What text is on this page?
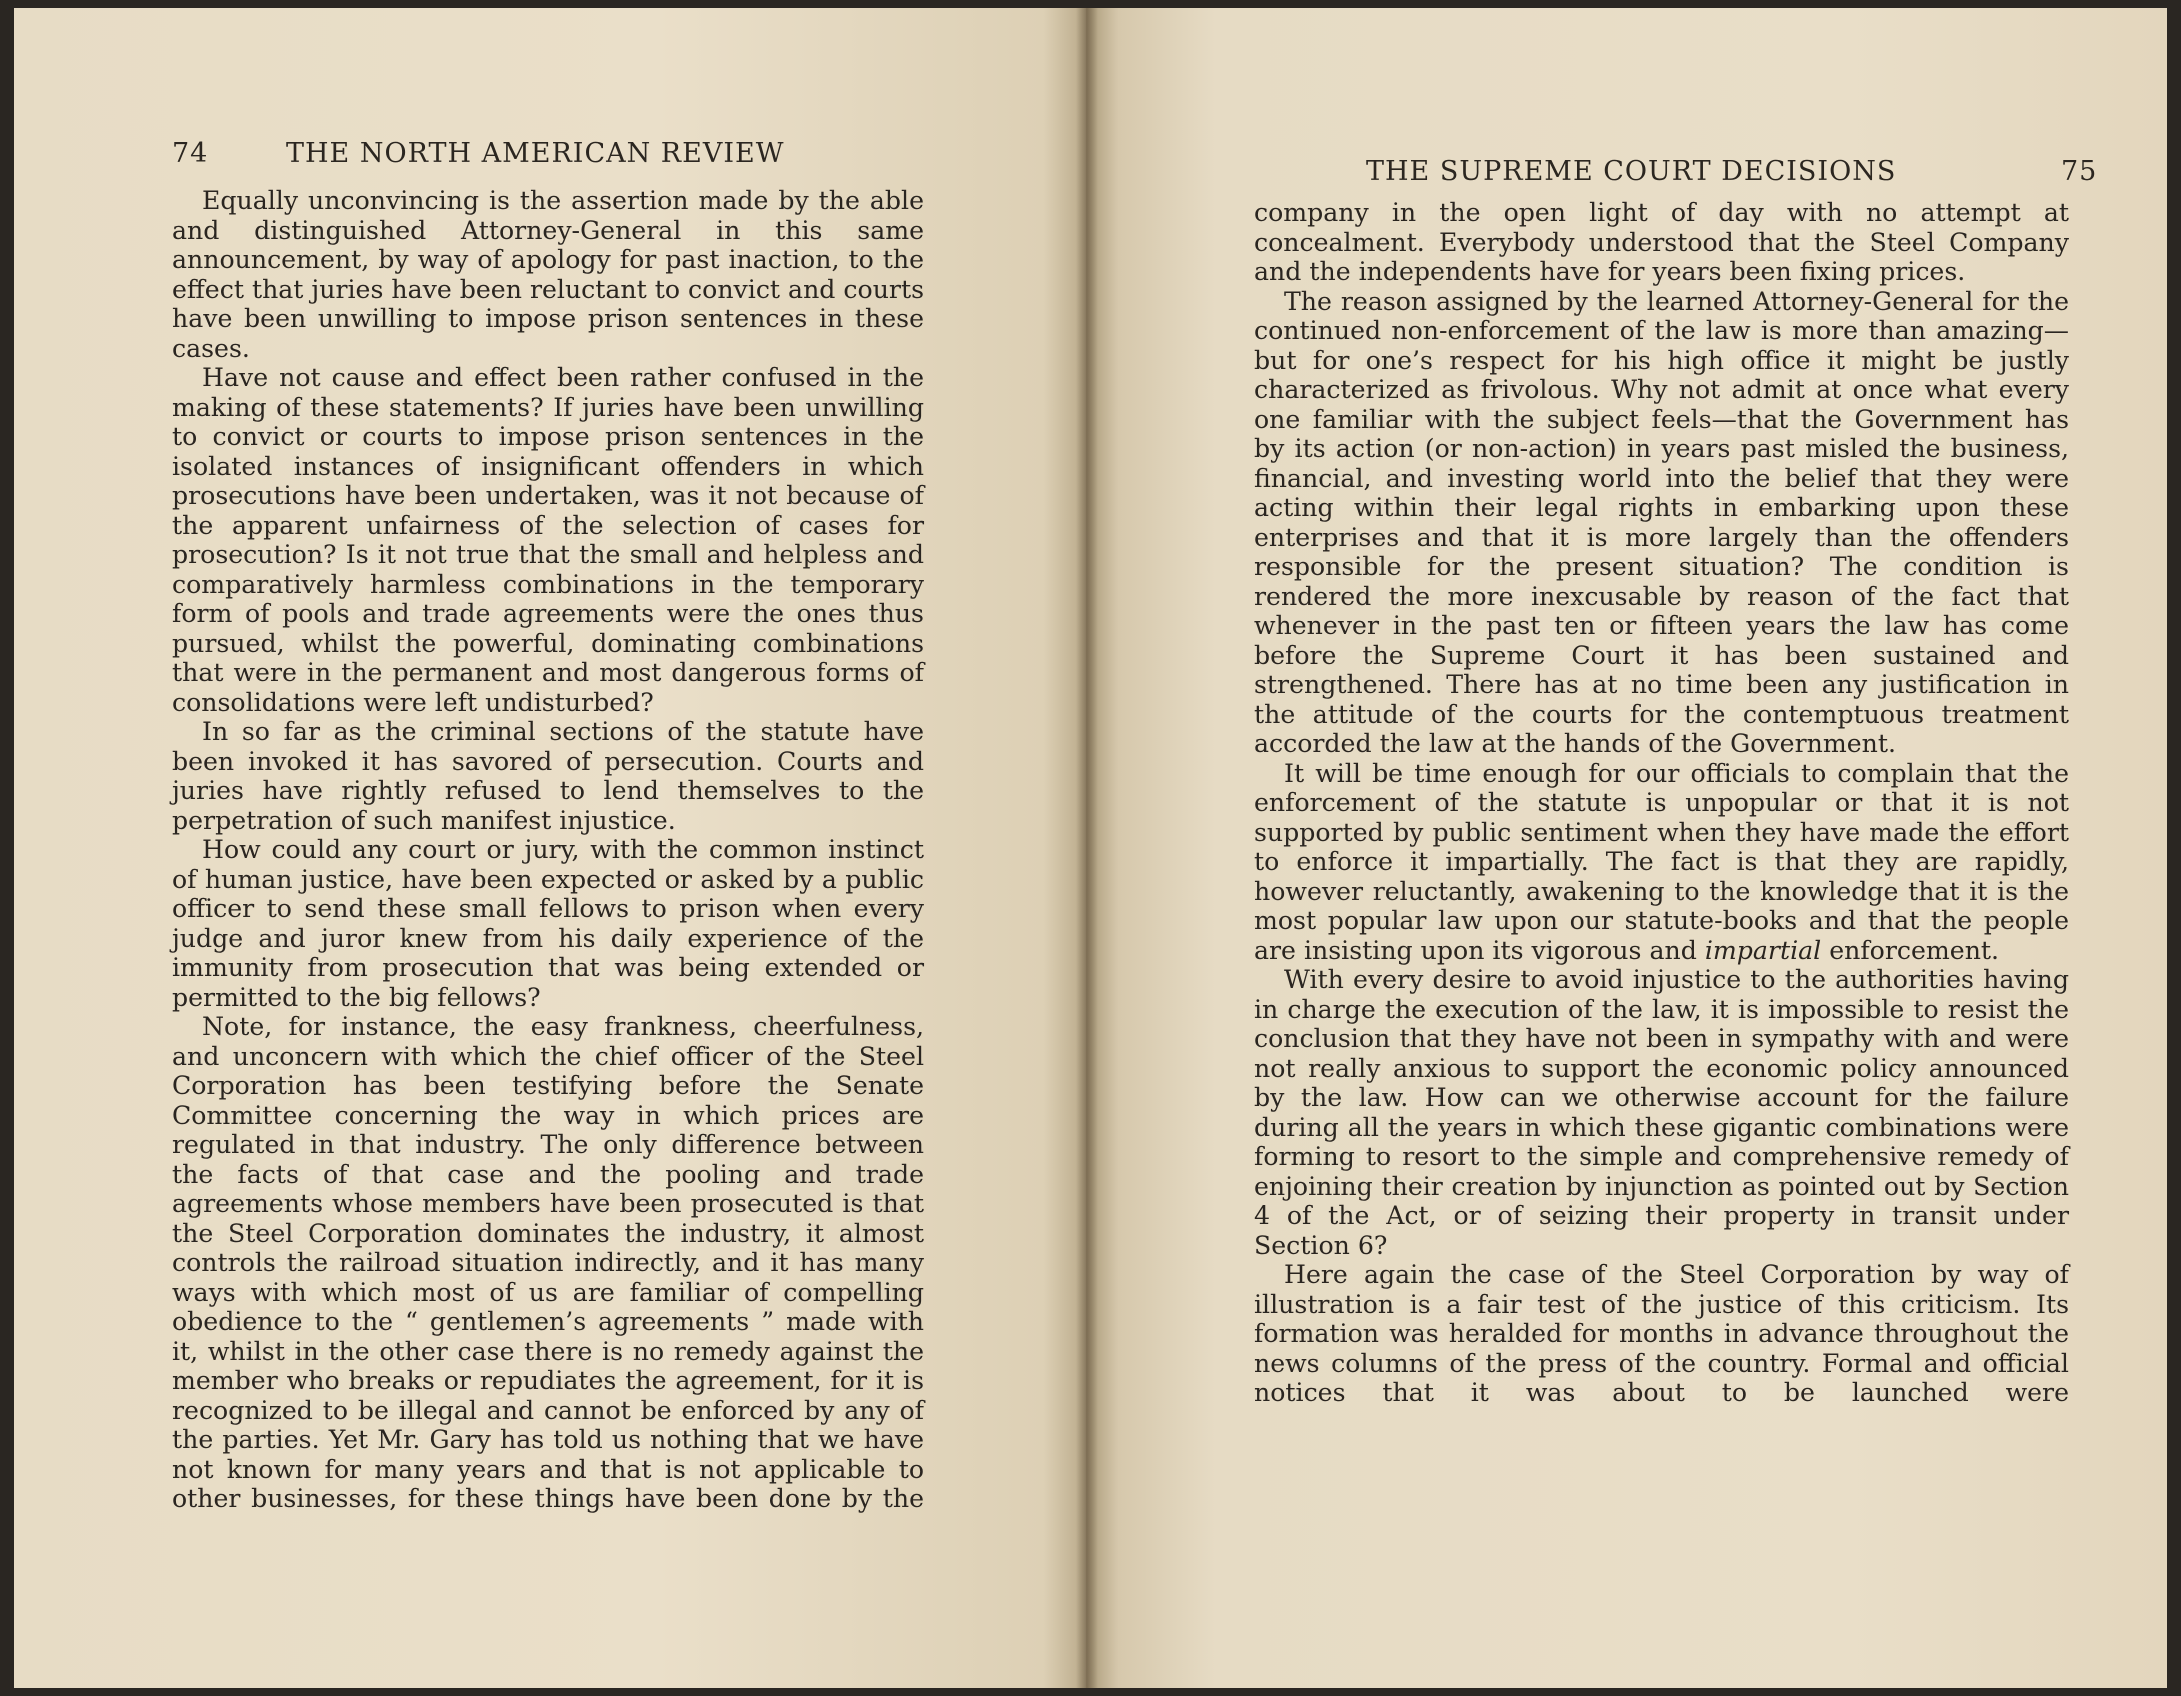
74	THE NORTH AMERICAN REVIEW

Equally unconvincing is the assertion made by the able and distinguished Attorney-General in this same announcement, by way of apology for past inaction, to the effect that juries have been reluctant to convict and courts have been unwilling to impose prison sentences in these cases.

Have not cause and effect been rather confused in the making of these statements? If juries have been unwilling to convict or courts to impose prison sentences in the isolated instances of insignificant offenders in which prosecutions have been undertaken, was it not because of the apparent unfairness of the selection of cases for prosecution? Is it not true that the small and helpless and comparatively harmless combinations in the temporary form of pools and trade agreements were the ones thus pursued, whilst the powerful, dominating combinations that were in the permanent and most dangerous forms of consolidations were left undisturbed?

In so far as the criminal sections of the statute have been invoked it has savored of persecution. Courts and juries have rightly refused to lend themselves to the perpetration of such manifest injustice.

How could any court or jury, with the common instinct of human justice, have been expected or asked by a public officer to send these small fellows to prison when every judge and juror knew from his daily experience of the immunity from prosecution that was being extended or permitted to the big fellows?

Note, for instance, the easy frankness, cheerfulness, and unconcern with which the chief officer of the Steel Corporation has been testifying before the Senate Committee concerning the way in which prices are regulated in that industry. The only difference between the facts of that case and the pooling and trade agreements whose members have been prosecuted is that the Steel Corporation dominates the industry, it almost controls the railroad situation indirectly, and it has many ways with which most of us are familiar of compelling obedience to the “ gentlemen’s agreements ” made with it, whilst in the other case there is no remedy against the member who breaks or repudiates the agreement, for it is recognized to be illegal and cannot be enforced by any of the parties. Yet Mr. Gary has told us nothing that we have not known for many years and that is not applicable to other businesses, for these things have been done by the

THE SUPREME COURT DECISIONS	75

company in the open light of day with no attempt at concealment. Everybody understood that the Steel Company and the independents have for years been fixing prices.

The reason assigned by the learned Attorney-General for the continued non-enforcement of the law is more than amazing—but for one’s respect for his high office it might be justly characterized as frivolous. Why not admit at once what every one familiar with the subject feels—that the Government has by its action (or non-action) in years past misled the business, financial, and investing world into the belief that they were acting within their legal rights in embarking upon these enterprises and that it is more largely than the offenders responsible for the present situation? The condition is rendered the more inexcusable by reason of the fact that whenever in the past ten or fifteen years the law has come before the Supreme Court it has been sustained and strengthened. There has at no time been any justification in the attitude of the courts for the contemptuous treatment accorded the law at the hands of the Government.

It will be time enough for our officials to complain that the enforcement of the statute is unpopular or that it is not supported by public sentiment when they have made the effort to enforce it impartially. The fact is that they are rapidly, however reluctantly, awakening to the knowledge that it is the most popular law upon our statute-books and that the people are insisting upon its vigorous and impartial enforcement.

With every desire to avoid injustice to the authorities having in charge the execution of the law, it is impossible to resist the conclusion that they have not been in sympathy with and were not really anxious to support the economic policy announced by the law. How can we otherwise account for the failure during all the years in which these gigantic combinations were forming to resort to the simple and comprehensive remedy of enjoining their creation by injunction as pointed out by Section 4 of the Act, or of seizing their property in transit under Section 6?

Here again the case of the Steel Corporation by way of illustration is a fair test of the justice of this criticism. Its formation was heralded for months in advance throughout the news columns of the press of the country. Formal and official notices that it was about to be launched were
